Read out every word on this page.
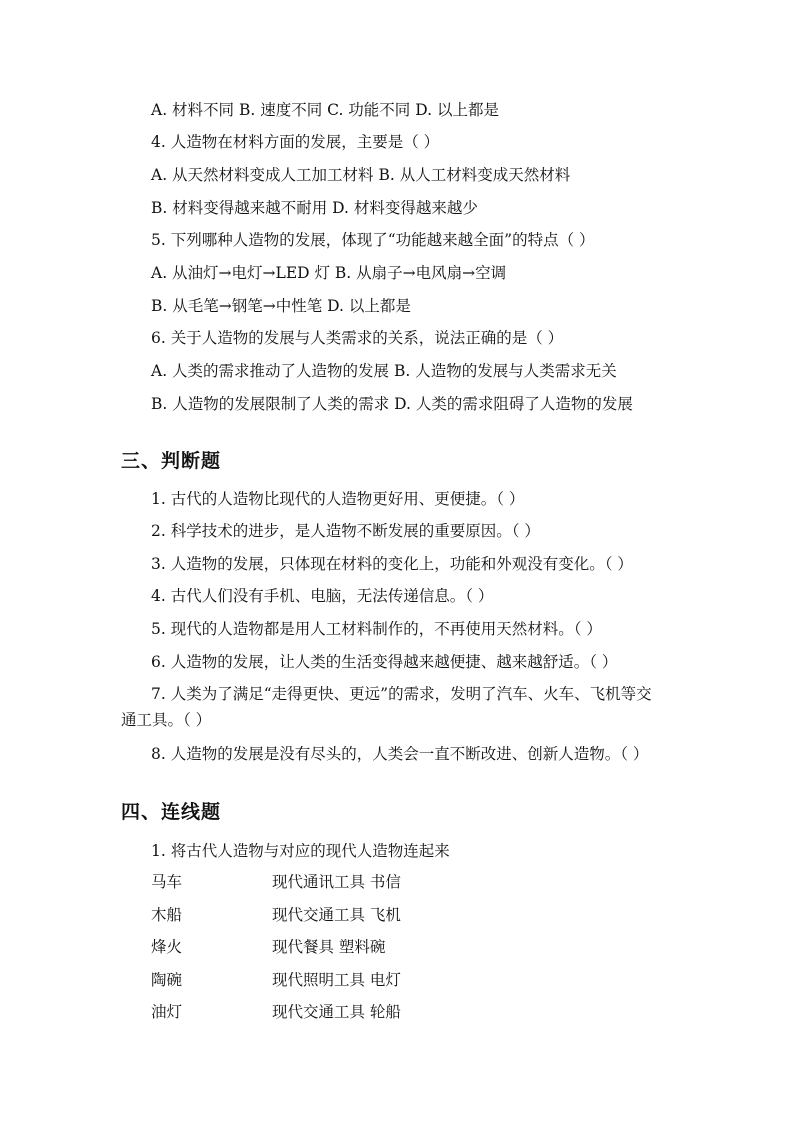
A. 材料不同 B. 速度不同 C. 功能不同 D. 以上都是
4. 人造物在材料方面的发展，主要是（ ）
A. 从天然材料变成人工加工材料 B. 从人工材料变成天然材料
B. 材料变得越来越不耐用 D. 材料变得越来越少
5. 下列哪种人造物的发展，体现了“功能越来越全面”的特点（ ）
A. 从油灯→电灯→LED 灯 B. 从扇子→电风扇→空调
B. 从毛笔→钢笔→中性笔 D. 以上都是
6. 关于人造物的发展与人类需求的关系，说法正确的是（ ）
A. 人类的需求推动了人造物的发展 B. 人造物的发展与人类需求无关
B. 人造物的发展限制了人类的需求 D. 人类的需求阻碍了人造物的发展
三、判断题
1. 古代的人造物比现代的人造物更好用、更便捷。（ ）
2. 科学技术的进步，是人造物不断发展的重要原因。（ ）
3. 人造物的发展，只体现在材料的变化上，功能和外观没有变化。（ ）
4. 古代人们没有手机、电脑，无法传递信息。（ ）
5. 现代的人造物都是用人工材料制作的，不再使用天然材料。（ ）
6. 人造物的发展，让人类的生活变得越来越便捷、越来越舒适。（ ）
7. 人类为了满足“走得更快、更远”的需求，发明了汽车、火车、飞机等交
通工具。（ ）
8. 人造物的发展是没有尽头的，人类会一直不断改进、创新人造物。（ ）
四、连线题
1. 将古代人造物与对应的现代人造物连起来
马车	现代通讯工具 书信
木船	现代交通工具 飞机
烽火	现代餐具 塑料碗
陶碗	现代照明工具 电灯
油灯	现代交通工具 轮船
